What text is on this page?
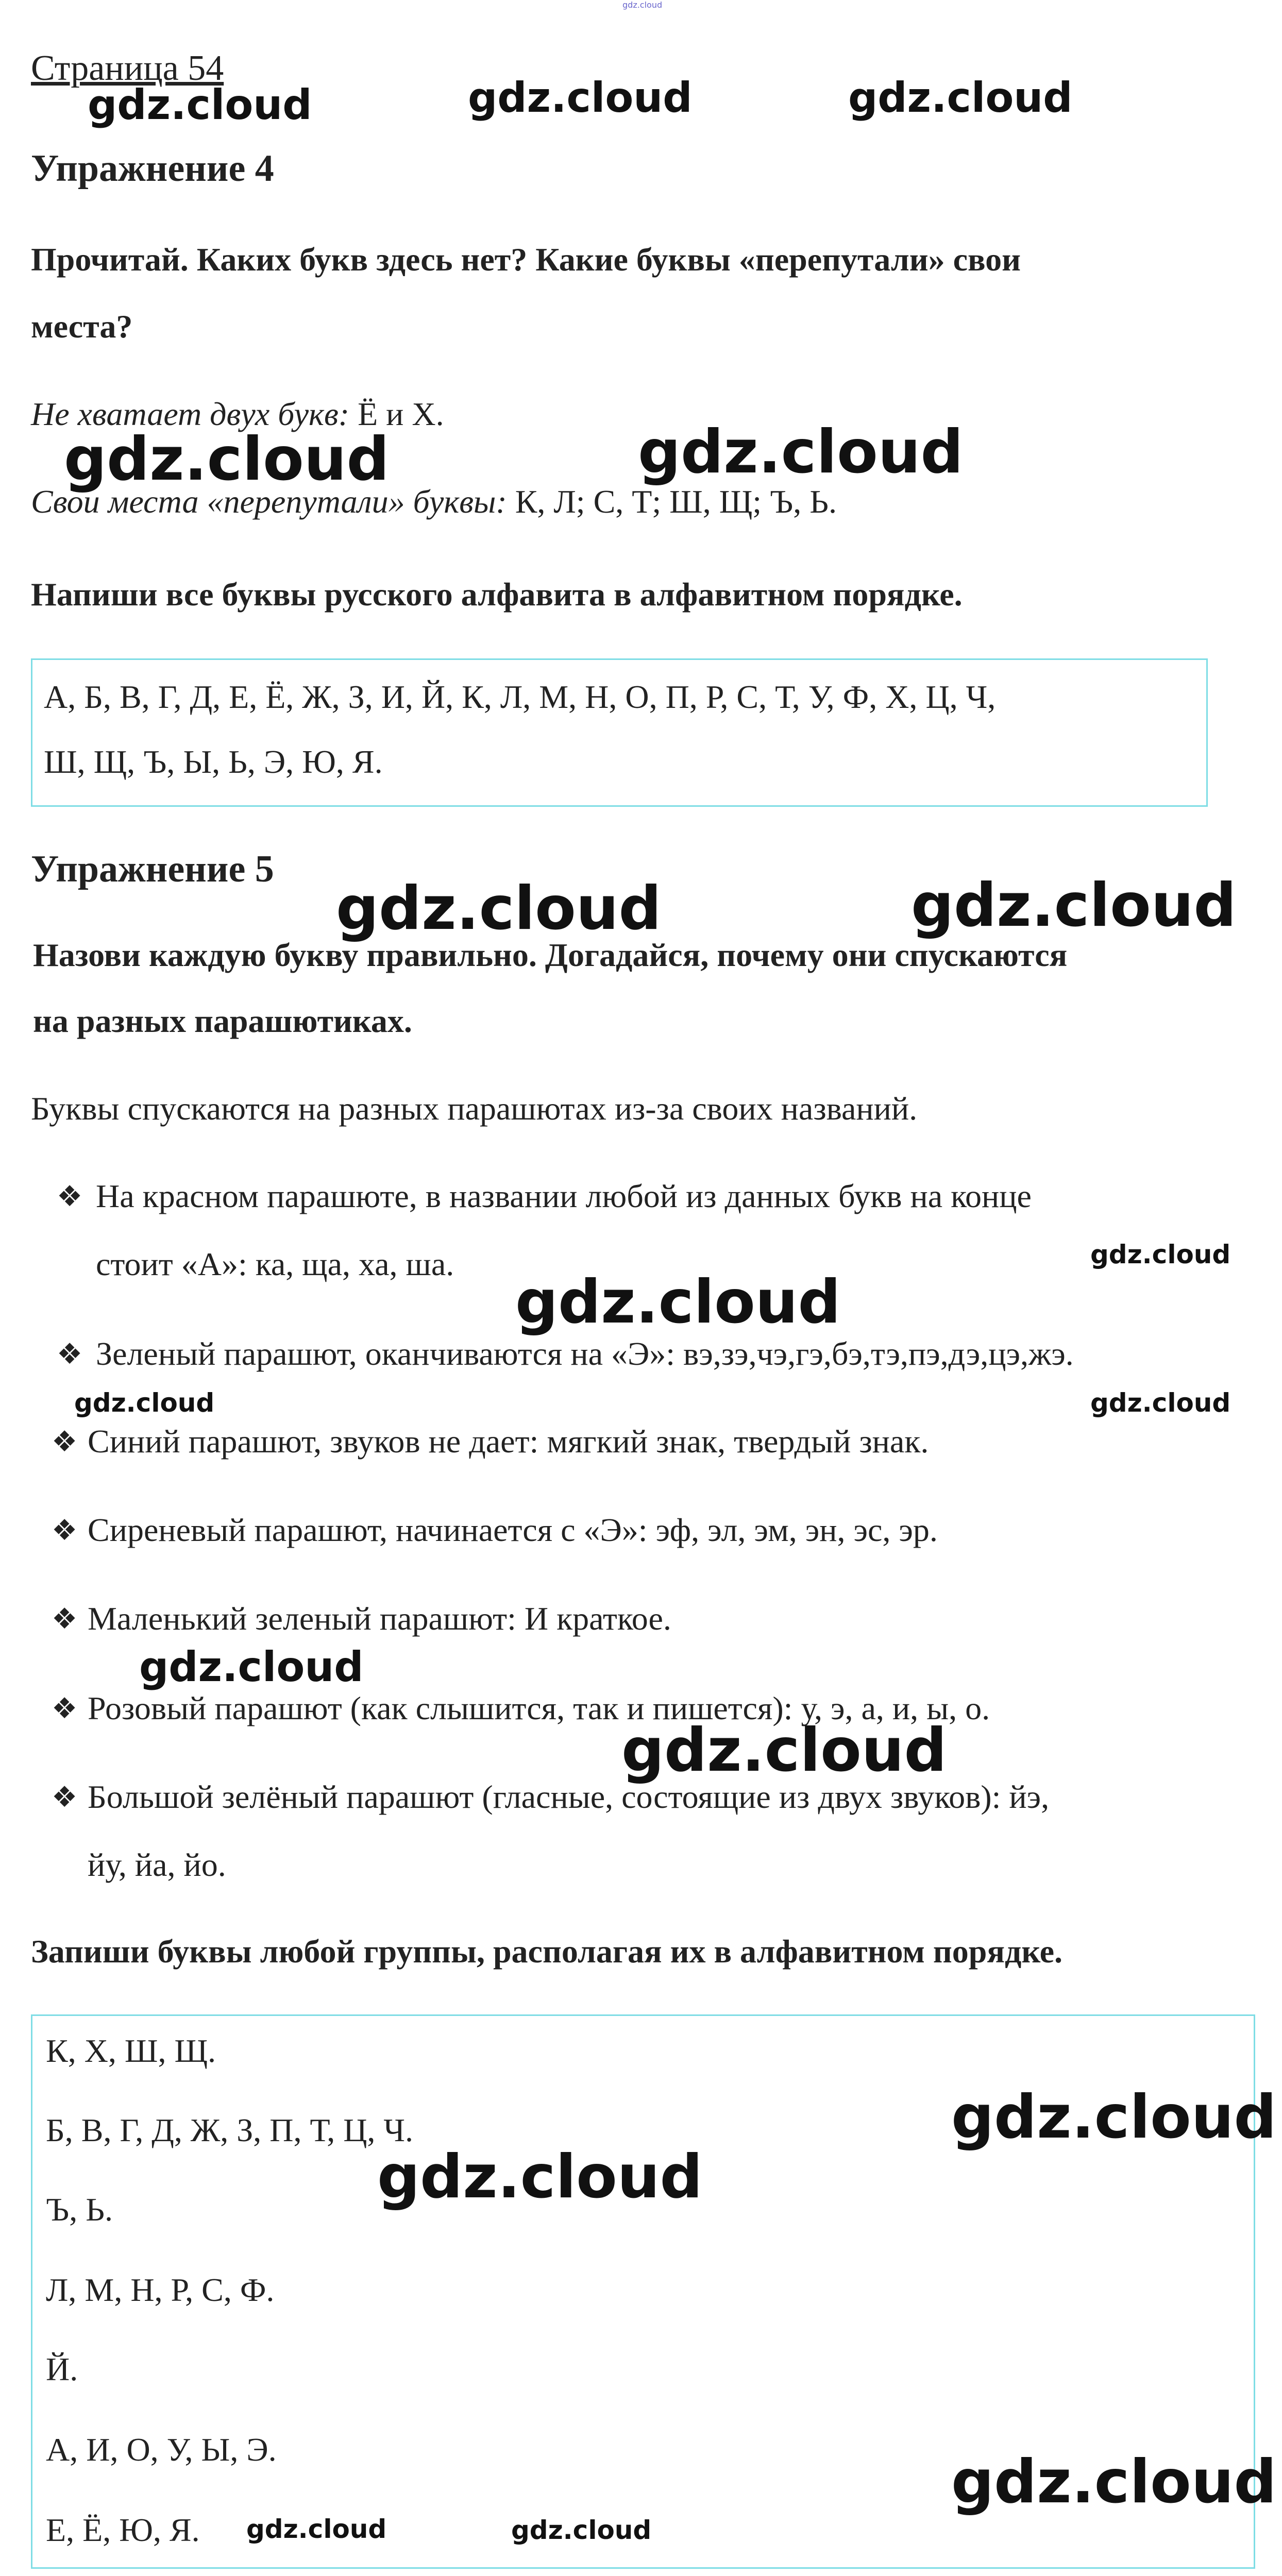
gdz.cloud
Страница 54
Упражнение 4
Прочитай. Каких букв здесь нет? Какие буквы «перепутали» свои
места?
Не хватает двух букв: Ё и Х.
Свои места «перепутали» буквы: К, Л; С, Т; Ш, Щ; Ъ, Ь.
Напиши все буквы русского алфавита в алфавитном порядке.
А, Б, В, Г, Д, Е, Ё, Ж, З, И, Й, К, Л, М, Н, О, П, Р, С, Т, У, Ф, Х, Ц, Ч,
Ш, Щ, Ъ, Ы, Ь, Э, Ю, Я.
Упражнение 5
Назови каждую букву правильно. Догадайся, почему они спускаются
на разных парашютиках.
Буквы спускаются на разных парашютах из-за своих названий.
❖ На красном парашюте, в названии любой из данных букв на конце
стоит «А»: ка, ща, ха, ша.
❖ Зеленый парашют, оканчиваются на «Э»: вэ,зэ,чэ,гэ,бэ,тэ,пэ,дэ,цэ,жэ.
❖ Синий парашют, звуков не дает: мягкий знак, твердый знак.
❖ Сиреневый парашют, начинается с «Э»: эф, эл, эм, эн, эс, эр.
❖ Маленький зеленый парашют: И краткое.
❖ Розовый парашют (как слышится, так и пишется): у, э, а, и, ы, о.
❖ Большой зелёный парашют (гласные, состоящие из двух звуков): йэ,
йу, йа, йо.
Запиши буквы любой группы, располагая их в алфавитном порядке.
К, Х, Ш, Щ.
Б, В, Г, Д, Ж, З, П, Т, Ц, Ч.
Ъ, Ь.
Л, М, Н, Р, С, Ф.
Й.
А, И, О, У, Ы, Э.
Е, Ё, Ю, Я.
gdz.cloud	gdz.cloud	gdz.cloud
gdz.cloud	gdz.cloud
gdz.cloud	gdz.cloud
gdz.cloud
gdz.cloud
gdz.cloud	gdz.cloud
gdz.cloud
gdz.cloud
gdz.cloud
gdz.cloud
gdz.cloud
gdz.cloud	gdz.cloud
